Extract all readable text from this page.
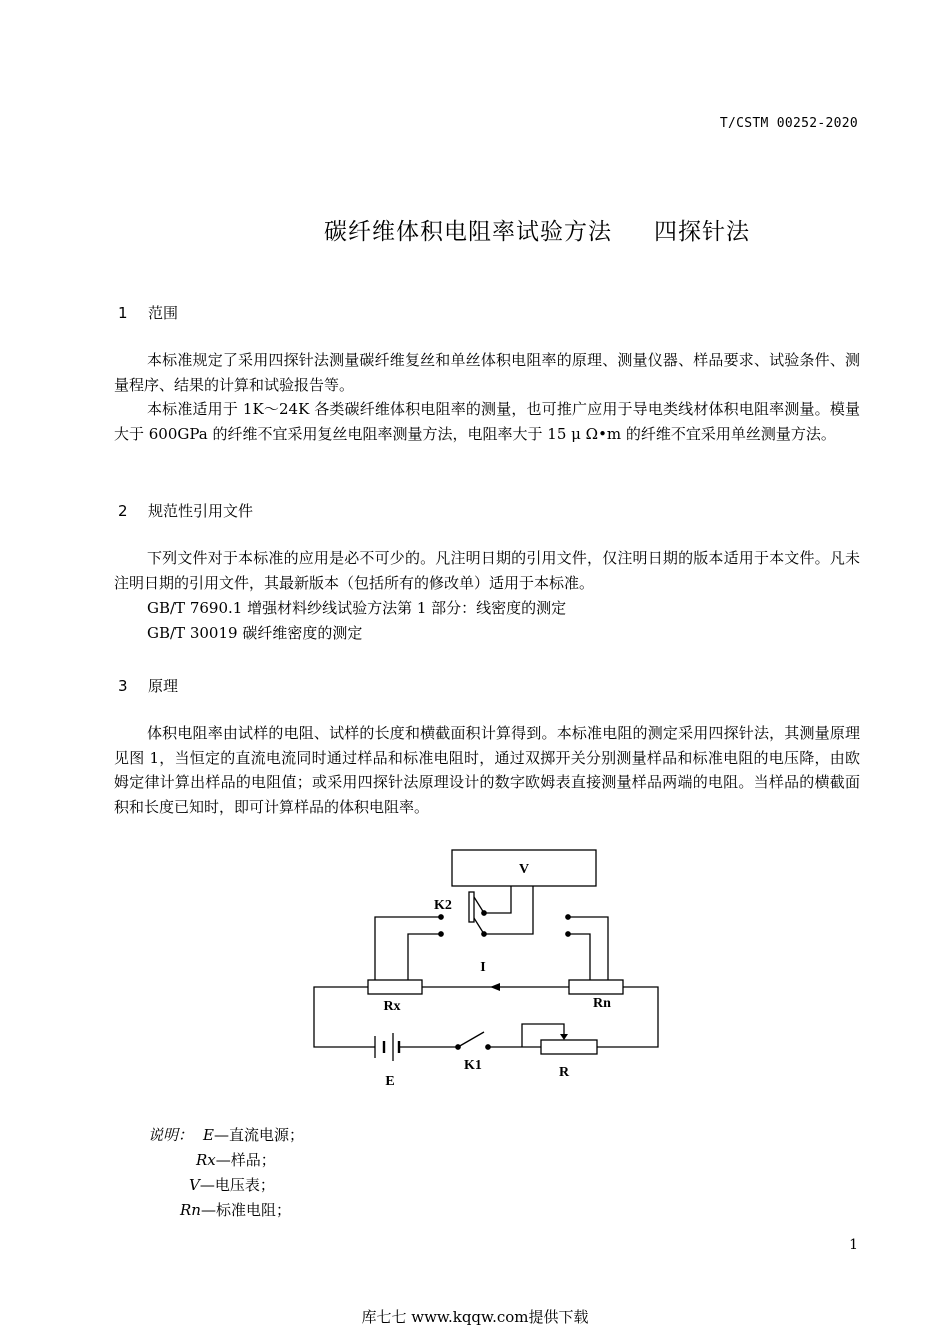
T/CSTM 00252-2020
碳纤维体积电阻率试验方法 四探针法
1 范围
本标准规定了采用四探针法测量碳纤维复丝和单丝体积电阻率的原理、测量仪器、样品要求、试验条件、测量程序、结果的计算和试验报告等。
本标准适用于 1K～24K 各类碳纤维体积电阻率的测量，也可推广应用于导电类线材体积电阻率测量。模量大于 600GPa 的纤维不宜采用复丝电阻率测量方法，电阻率大于 15 μ Ω•m 的纤维不宜采用单丝测量方法。
2 规范性引用文件
下列文件对于本标准的应用是必不可少的。凡注明日期的引用文件，仅注明日期的版本适用于本文件。凡未注明日期的引用文件，其最新版本（包括所有的修改单）适用于本标准。
GB/T 7690.1 增强材料纱线试验方法第 1 部分：线密度的测定
GB/T 30019 碳纤维密度的测定
3 原理
体积电阻率由试样的电阻、试样的长度和横截面积计算得到。本标准电阻的测定采用四探针法，其测量原理见图 1，当恒定的直流电流同时通过样品和标准电阻时，通过双掷开关分别测量样品和标准电阻的电压降，由欧姆定律计算出样品的电阻值；或采用四探针法原理设计的数字欧姆表直接测量样品两端的电阻。当样品的横截面积和长度已知时，即可计算样品的体积电阻率。
V
K2
I
Rx	Rn
E
K1	R
说明： E—直流电源；
Rx—样品；
V—电压表；
Rn—标准电阻；
1
库七七 www.kqqw.com提供下载
